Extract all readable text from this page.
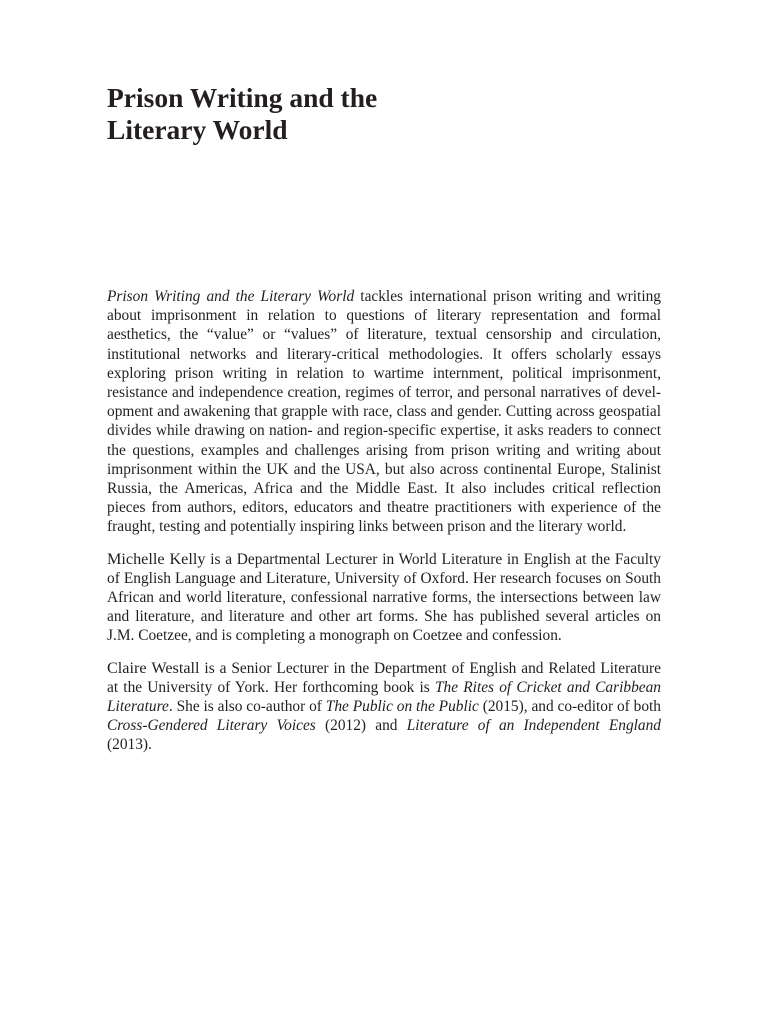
Prison Writing and the
Literary World

Prison Writing and the Literary World tackles international prison writing and writing about imprisonment in relation to questions of literary representation and formal aesthetics, the “value” or “values” of literature, textual censorship and circulation, institutional networks and literary-critical methodologies. It offers scholarly essays exploring prison writing in relation to wartime internment, political imprisonment, resistance and independence creation, regimes of terror, and personal narratives of development and awakening that grapple with race, class and gender. Cutting across geospatial divides while drawing on nation- and region-specific expertise, it asks readers to connect the questions, examples and challenges arising from prison writing and writing about imprisonment within the UK and the USA, but also across continental Europe, Stalinist Russia, the Americas, Africa and the Middle East. It also includes critical reflection pieces from authors, editors, educators and theatre practitioners with experience of the fraught, testing and potentially inspiring links between prison and the literary world.

Michelle Kelly is a Departmental Lecturer in World Literature in English at the Faculty of English Language and Literature, University of Oxford. Her research focuses on South African and world literature, confessional narrative forms, the intersections between law and literature, and literature and other art forms. She has published several articles on J.M. Coetzee, and is completing a monograph on Coetzee and confession.

Claire Westall is a Senior Lecturer in the Department of English and Related Literature at the University of York. Her forthcoming book is The Rites of Cricket and Caribbean Literature. She is also co-author of The Public on the Public (2015), and co-editor of both Cross-Gendered Literary Voices (2012) and Literature of an Independent England (2013).
